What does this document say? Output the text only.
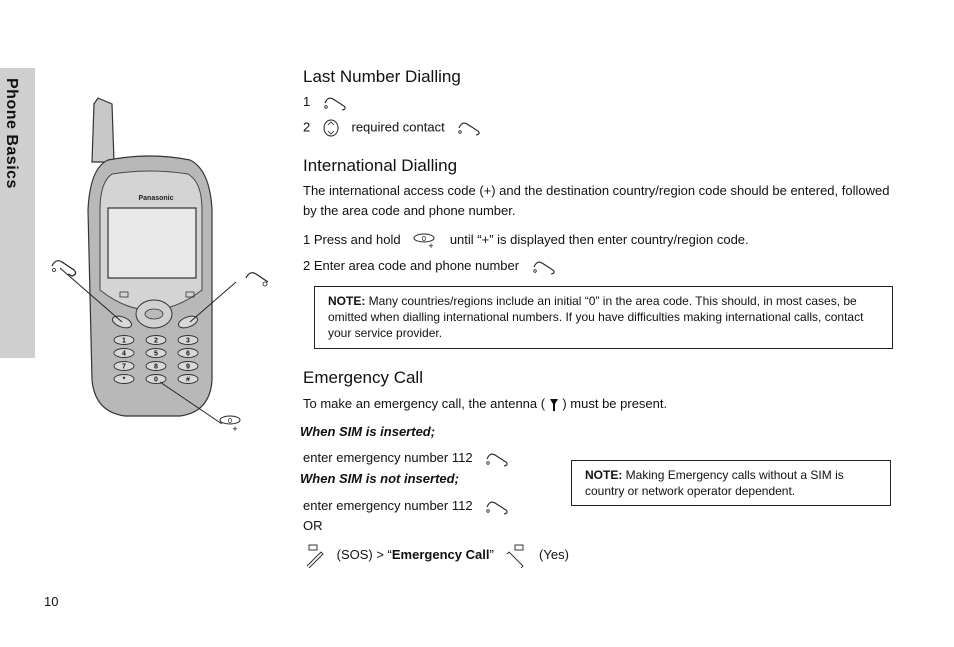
Phone Basics
Panasonic
1	2	3
4	5	6
7	8	9
*	0	#
0
+
Last Number Dialling
1
2	required contact
International Dialling
The international access code (+) and the destination country/region code should be entered, followed by the area code and phone number.
1 Press and hold	0
+ until “+” is displayed then enter country/region code.
2 Enter area code and phone number
NOTE: Many countries/regions include an initial “0” in the area code. This should, in most cases, be omitted when dialling international numbers. If you have difficulties making international calls, contact your service provider.
Emergency Call
To make an emergency call, the antenna ( ) must be present.
When SIM is inserted;
enter emergency number 112
When SIM is not inserted;
enter emergency number 112
OR
(SOS) > “Emergency Call”	(Yes)
NOTE: Making Emergency calls without a SIM is country or network operator dependent.
10
